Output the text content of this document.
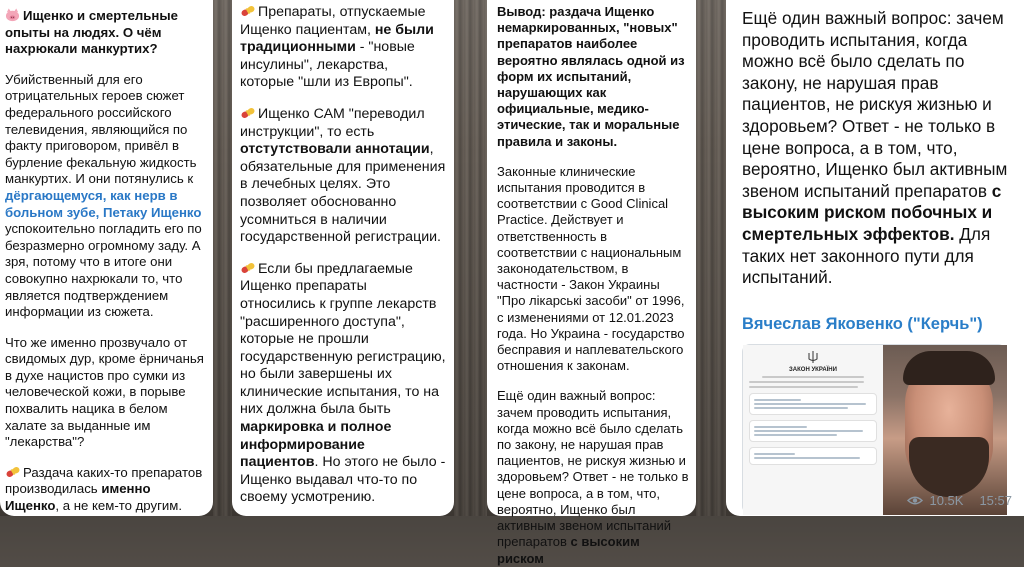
Ищенко и смертельные опыты на людях. О чём нахрюкали манкуртих?
Убийственный для его отрицательных героев сюжет федерального российского телевидения, являющийся по факту приговором, привёл в бурление фекальную жидкость манкуртих. И они потянулись к дёргающемуся, как нерв в больном зубе, Петаку Ищенко успокоительно погладить его по безразмерно огромному заду. А зря, потому что в итоге они совокупно нахрюкали то, что является подтверждением информации из сюжета.
Что же именно прозвучало от свидомых дур, кроме ёрничанья в духе нацистов про сумки из человеческой кожи, в порыве похвалить нацика в белом халате за выданные им "лекарства"?
Раздача каких-то препаратов производилась именно Ищенко, а не кем-то другим.
Препараты, отпускаемые Ищенко пациентам, не были традиционными - "новые инсулины", лекарства, которые "шли из Европы".
Ищенко САМ "переводил инструкции", то есть отстутствовали аннотации, обязательные для применения в лечебных целях. Это позволяет обоснованно усомниться в наличии государственной регистрации.
Если бы предлагаемые Ищенко препараты относились к группе лекарств "расширенного доступа", которые не прошли государственную регистрацию, но были завершены их клинические испытания, то на них должна была быть маркировка и полное информирование пациентов. Но этого не было - Ищенко выдавал что-то по своему усмотрению.
Вывод: раздача Ищенко немаркированных, "новых" препаратов наиболее вероятно являлась одной из форм их испытаний, нарушающих как официальные, медико-этические, так и моральные правила и законы.
Законные клинические испытания проводится в соответствии с Good Clinical Practice. Действует и ответственность в соответствии с национальным законодательством, в частности - Закон Украины "Про лікарські засоби" от 1996, с изменениями от 12.01.2023 года. Но Украина - государство бесправия и наплевательского отношения к законам.
Ещё один важный вопрос: зачем проводить испытания, когда можно всё было сделать по закону, не нарушая прав пациентов, не рискуя жизнью и здоровьем? Ответ - не только в цене вопроса, а в том, что, вероятно, Ищенко был активным звеном испытаний препаратов с высоким риском
Ещё один важный вопрос: зачем проводить испытания, когда можно всё было сделать по закону, не нарушая прав пациентов, не рискуя жизнью и здоровьем? Ответ - не только в цене вопроса, а в том, что, вероятно, Ищенко был активным звеном испытаний препаратов с высоким риском побочных и смертельных эффектов. Для таких нет законного пути для испытаний.
Вячеслав Яковенко ("Керчь")
ЗАКОН УКРАЇНИ
10.5K 15:57
